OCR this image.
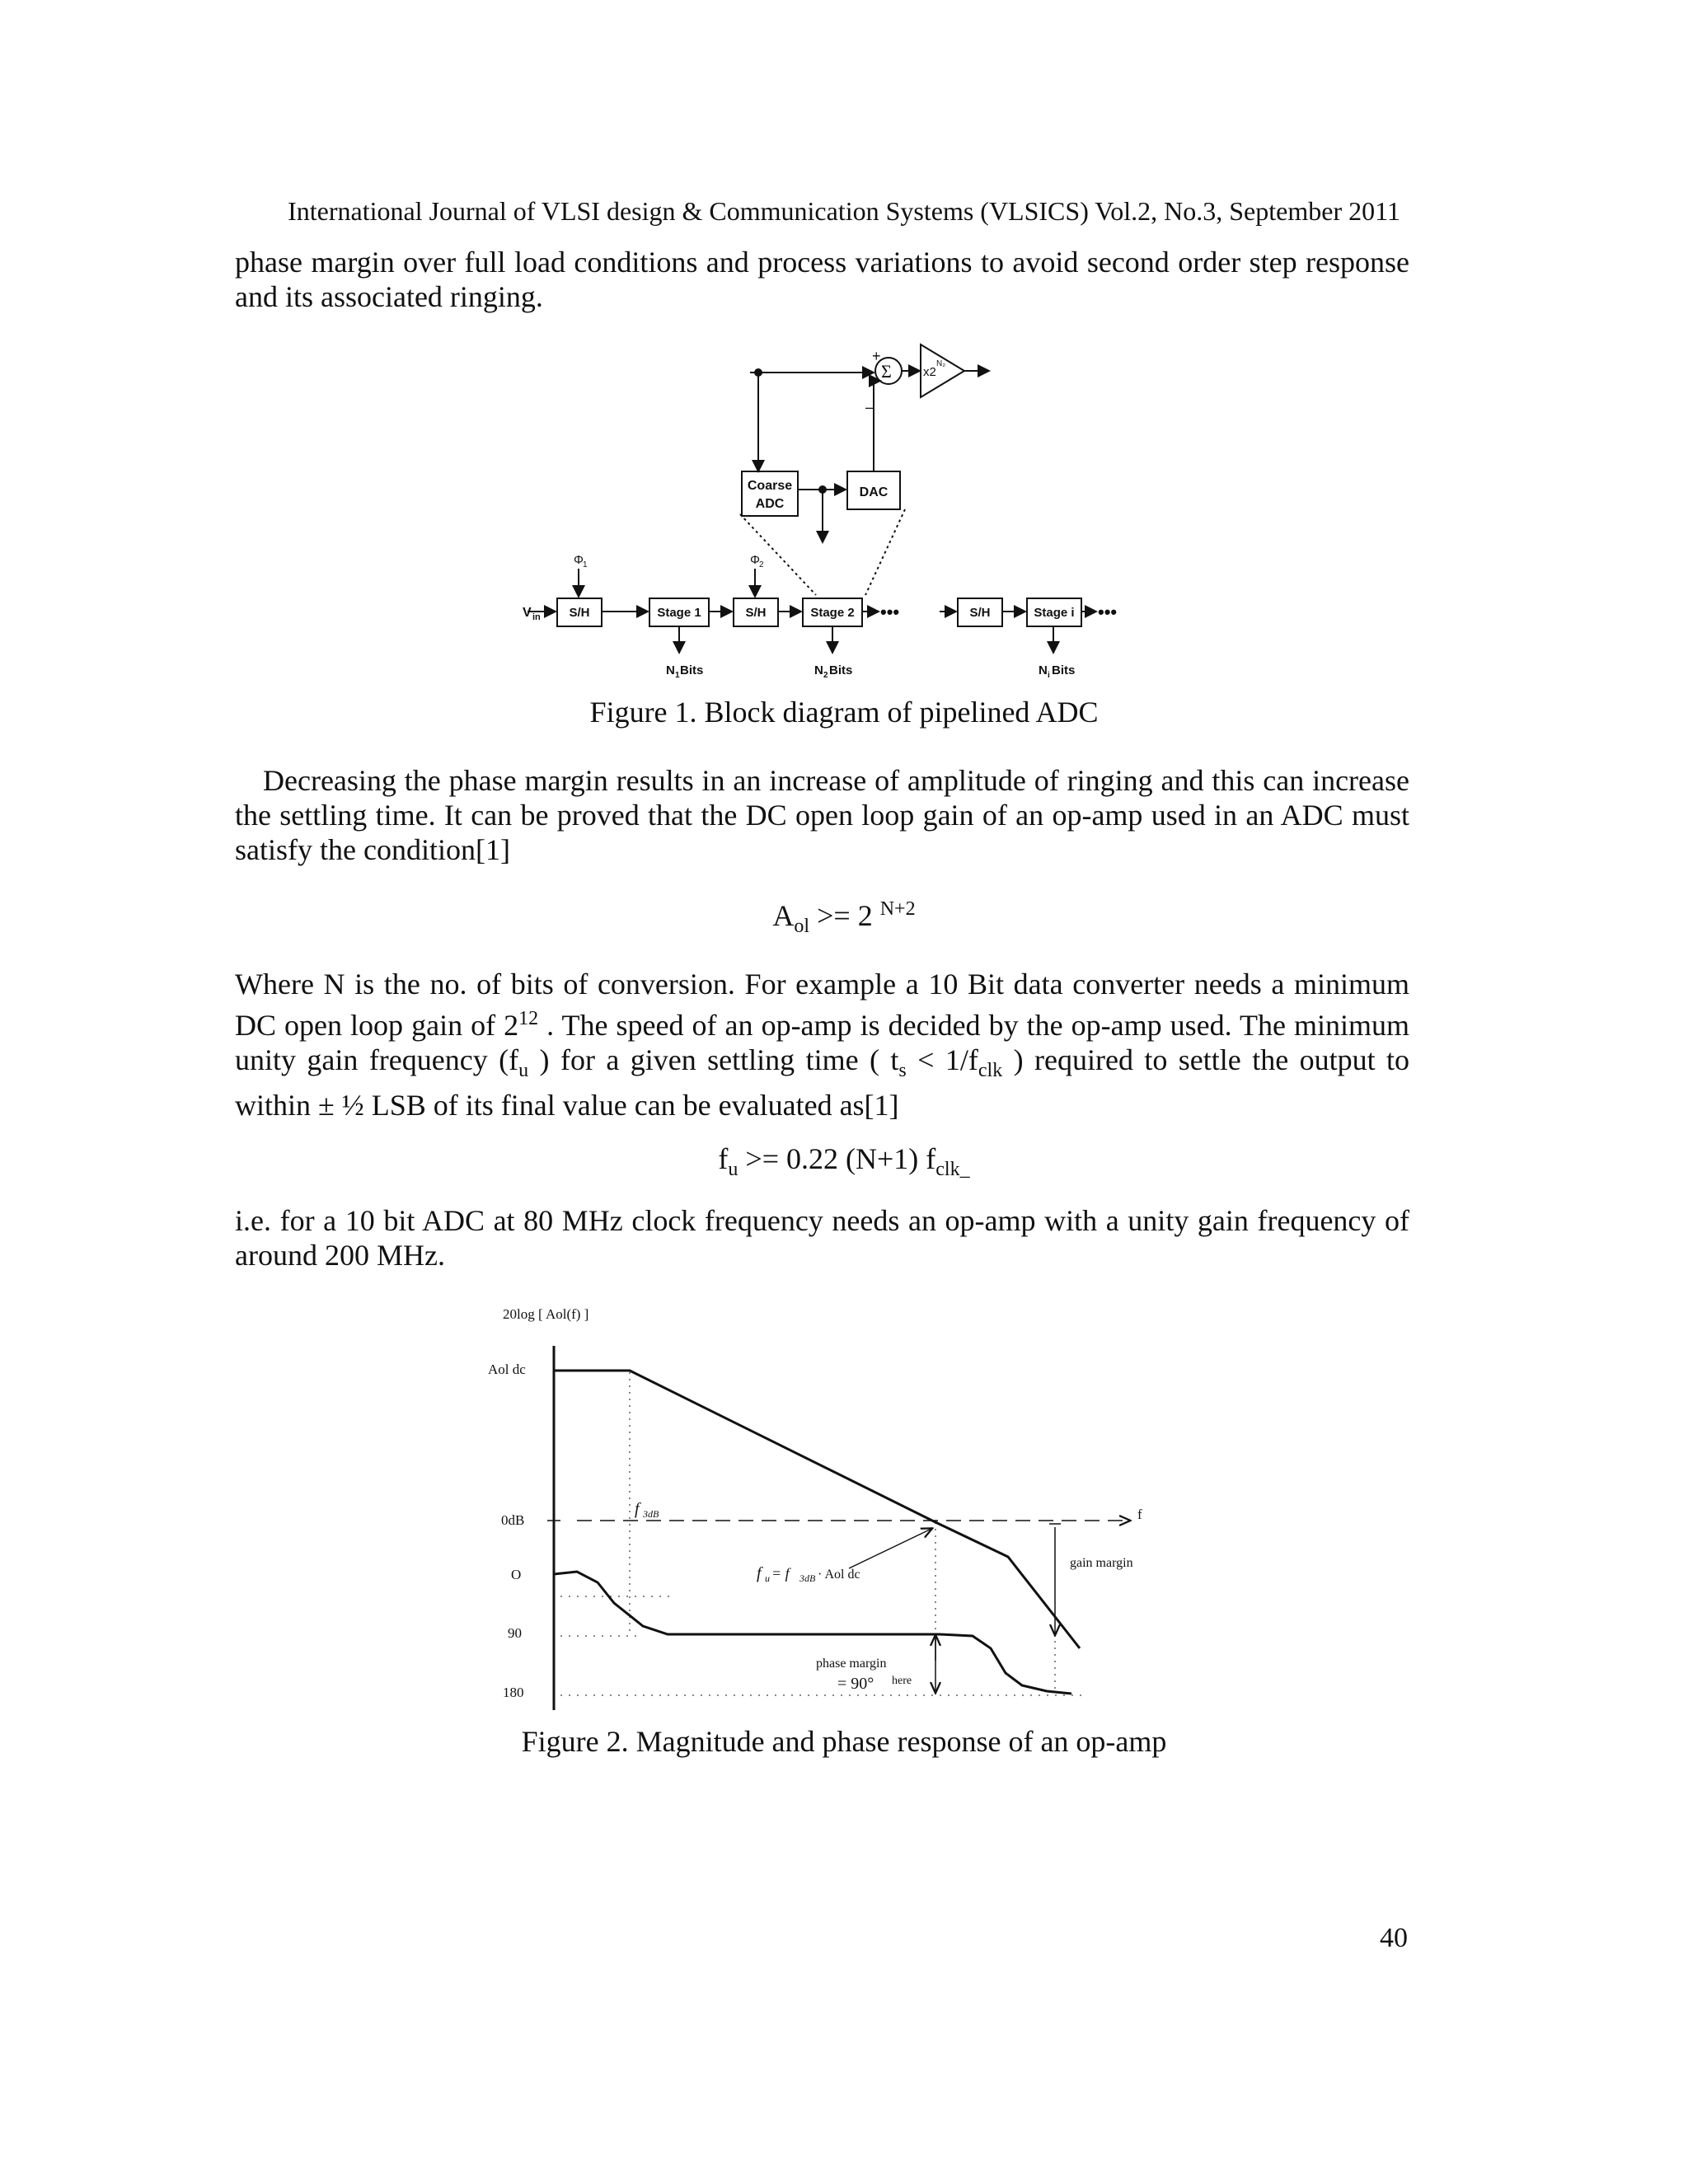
International Journal of VLSI design & Communication Systems (VLSICS) Vol.2, No.3, September 2011
phase margin over full load conditions and process variations to avoid second order step response and its associated ringing.
+
–
Σ	x2
N₂
Coarse
ADC
DAC
V in
Φ 1	Φ 2
S/H	Stage 1	S/H	Stage 2 •••	S/H	Stage i •••
N 1 Bits	N 2 Bits	N i Bits
Figure 1. Block diagram of pipelined ADC
Decreasing the phase margin results in an increase of amplitude of ringing and this can increase the settling time. It can be proved that the DC open loop gain of an op-amp used in an ADC must satisfy the condition[1]
$A_{ol} >= 2$ $^{N+2}$
Where N is the no. of bits of conversion. For example a 10 Bit data converter needs a minimum DC open loop gain of $2^{12}$ . The speed of an op-amp is decided by the op-amp used. The minimum unity gain frequency ($f_u$ ) for a given settling time ( $t_s < 1/f_{clk}$ ) required to settle the output to within ± ½ LSB of its final value can be evaluated as[1]
$f_u >= 0.22$ (N+1) $f_{clk\_}$
i.e. for a 10 bit ADC at 80 MHz clock frequency needs an op-amp with a unity gain frequency of around 200 MHz.
20log [ Aol(f) ]
Aol dc
0dB
O
90
180
f
f 3dB
f u = f 3dB · Aol dc
gain margin
phase margin
= 90° here
Figure 2. Magnitude and phase response of an op-amp
40
